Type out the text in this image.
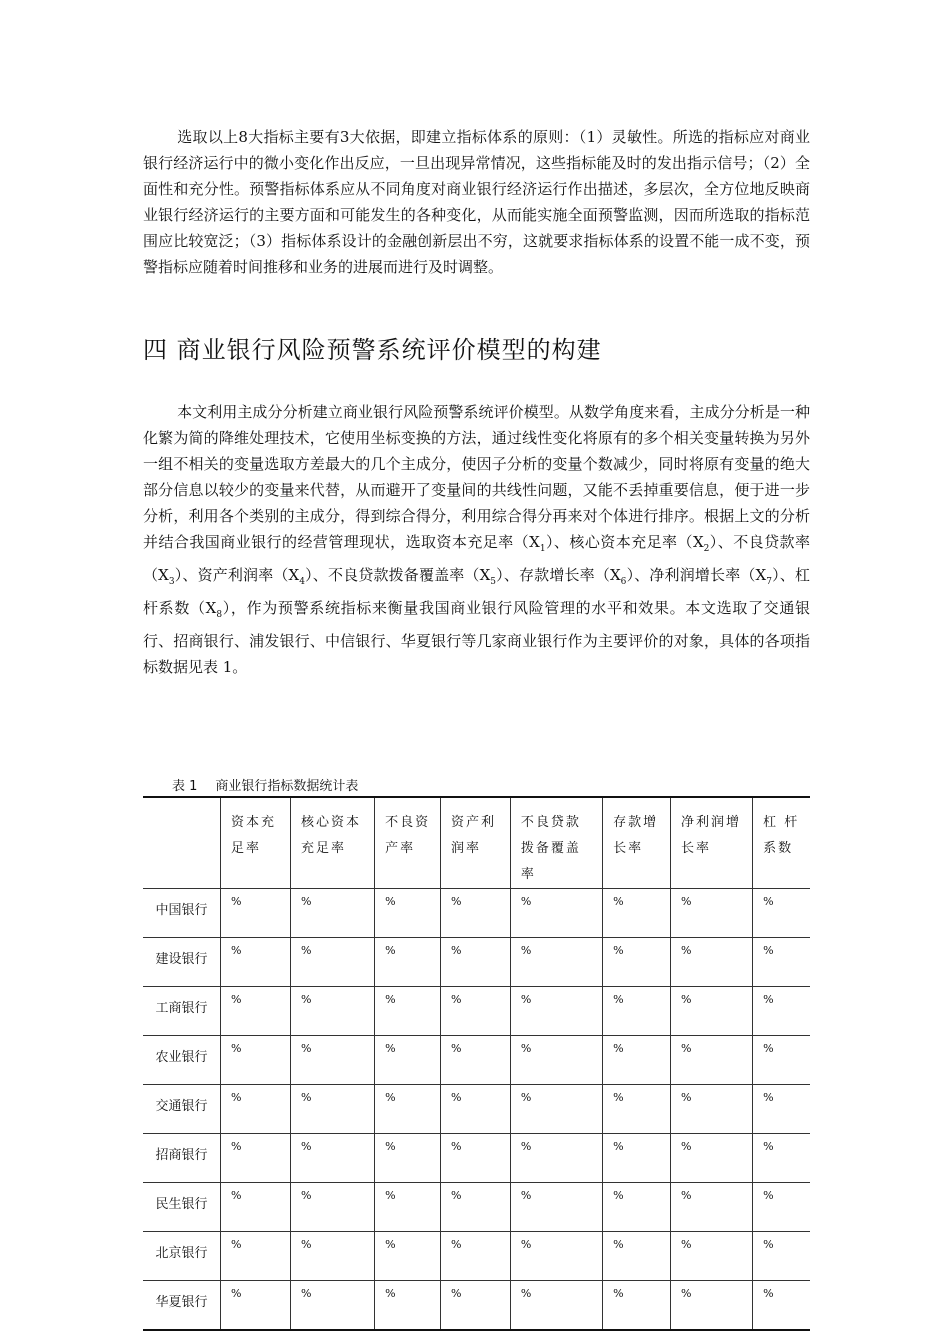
选取以上8大指标主要有3大依据，即建立指标体系的原则：（1）灵敏性。所选的指标应对商业银行经济运行中的微小变化作出反应，一旦出现异常情况，这些指标能及时的发出指示信号；（2）全面性和充分性。预警指标体系应从不同角度对商业银行经济运行作出描述，多层次，全方位地反映商业银行经济运行的主要方面和可能发生的各种变化，从而能实施全面预警监测，因而所选取的指标范围应比较宽泛；（3）指标体系设计的金融创新层出不穷，这就要求指标体系的设置不能一成不变，预警指标应随着时间推移和业务的进展而进行及时调整。

四 商业银行风险预警系统评价模型的构建

本文利用主成分分析建立商业银行风险预警系统评价模型。从数学角度来看，主成分分析是一种化繁为简的降维处理技术，它使用坐标变换的方法，通过线性变化将原有的多个相关变量转换为另外一组不相关的变量选取方差最大的几个主成分，使因子分析的变量个数减少，同时将原有变量的绝大部分信息以较少的变量来代替，从而避开了变量间的共线性问题，又能不丢掉重要信息，便于进一步分析，利用各个类别的主成分，得到综合得分，利用综合得分再来对个体进行排序。根据上文的分析并结合我国商业银行的经营管理现状，选取资本充足率$(X_1)$、核心资本充足率$(X_2)$、不良贷款率$(X_3)$、资产利润率$(X_4)$、不良贷款拨备覆盖率$(X_5)$、存款增长率$(X_6)$、净利润增长率$(X_7)$、杠杆系数$(X_8)$，作为预警系统指标来衡量我国商业银行风险管理的水平和效果。本文选取了交通银行、招商银行、浦发银行、中信银行、华夏银行等几家商业银行作为主要评价的对象，具体的各项指标数据见表 1。

表 1 商业银行指标数据统计表

	资本充足率	核心资本充足率	不良资产率	资产利润率	不良贷款拨备覆盖率	存款增长率	净利润增长率	杠 杆系数
中国银行	%	%	%	%	%	%	%	%
建设银行	%	%	%	%	%	%	%	%
工商银行	%	%	%	%	%	%	%	%
农业银行	%	%	%	%	%	%	%	%
交通银行	%	%	%	%	%	%	%	%
招商银行	%	%	%	%	%	%	%	%
民生银行	%	%	%	%	%	%	%	%
北京银行	%	%	%	%	%	%	%	%
华夏银行	%	%	%	%	%	%	%	%
